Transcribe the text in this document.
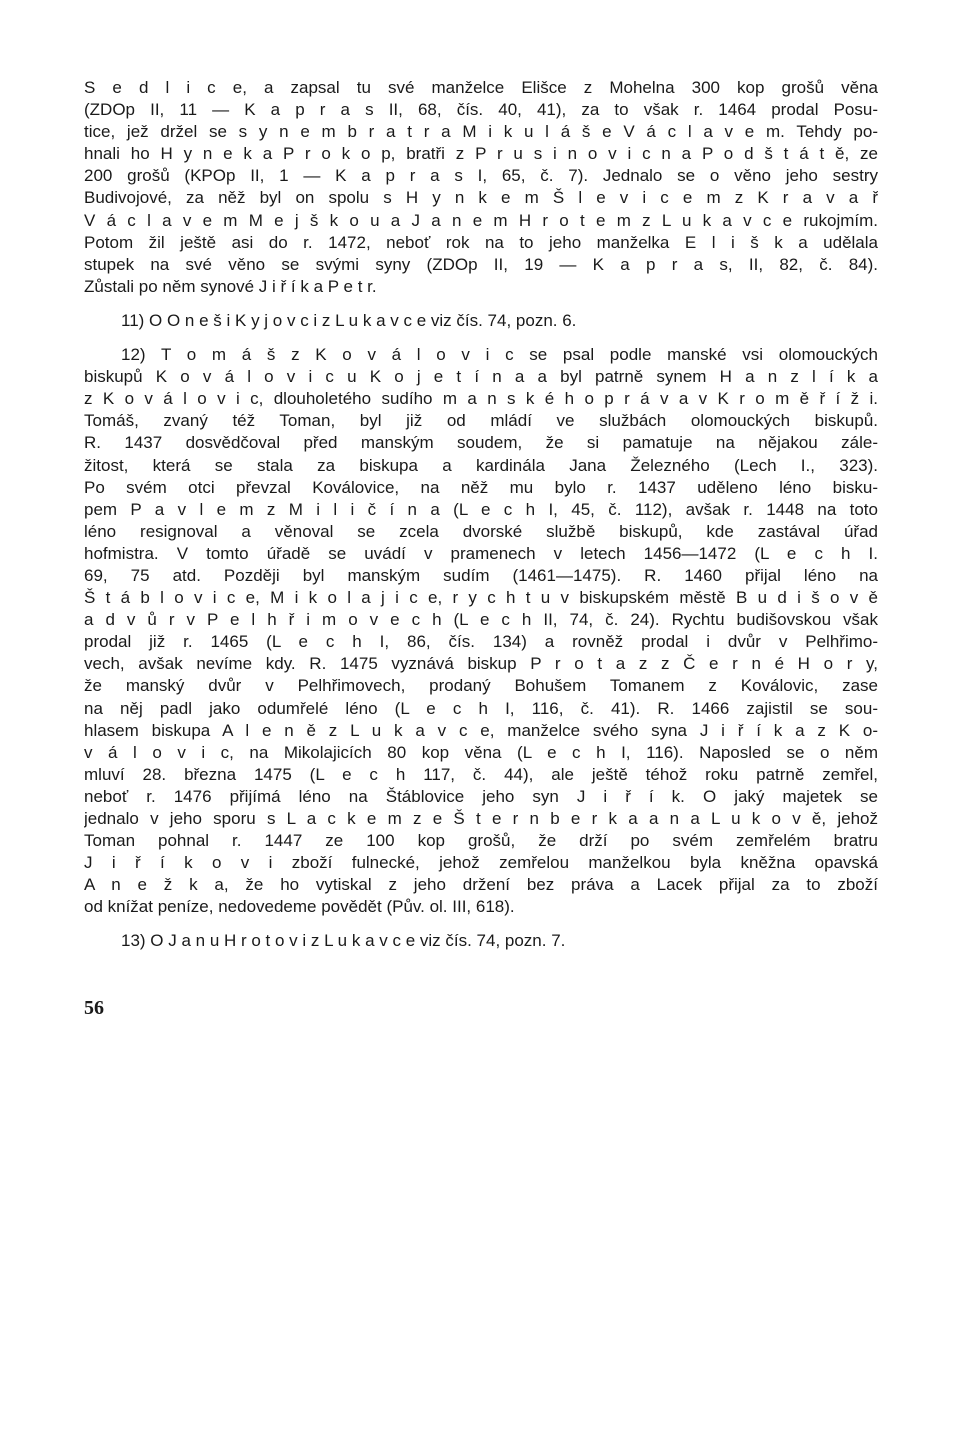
S e d l i c e, a zapsal tu své manželce Elišce z Mohelna 300 kop grošů věna
(ZDOp II, 11 — K a p r a s II, 68, čís. 40, 41), za to však r. 1464 prodal Posu-
tice, jež držel se s y n e m b r a t r a M i k u l á š e V á c l a v e m. Tehdy po-
hnali ho H y n e k a P r o k o p, bratři z P r u s i n o v i c n a P o d š t á t ě, ze
200 grošů (KPOp II, 1 — K a p r a s I, 65, č. 7). Jednalo se o věno jeho sestry
Budivojové, za něž byl on spolu s H y n k e m Š l e v i c e m z K r a v a ř
V á c l a v e m M e j š k o u a J a n e m H r o t e m z L u k a v c e rukojmím.
Potom žil ještě asi do r. 1472, neboť rok na to jeho manželka E l i š k a udělala
stupek na své věno se svými syny (ZDOp II, 19 — K a p r a s, II, 82, č. 84).
Zůstali po něm synové J i ř í k a P e t r.
11) O O n e š i K y j o v c i z L u k a v c e viz čís. 74, pozn. 6.
12) T o m á š z K o v á l o v i c se psal podle manské vsi olomouckých
biskupů K o v á l o v i c u K o j e t í n a a byl patrně synem H a n z l í k a
z K o v á l o v i c, dlouholetého sudího m a n s k é h o p r á v a v K r o m ě ř í ž i.
Tomáš, zvaný též Toman, byl již od mládí ve službách olomouckých biskupů.
R. 1437 dosvědčoval před manským soudem, že si pamatuje na nějakou zále-
žitost, která se stala za biskupa a kardinála Jana Železného (Lech I., 323).
Po svém otci převzal Koválovice, na něž mu bylo r. 1437 uděleno léno bisku-
pem P a v l e m z M i l i č í n a (L e c h I, 45, č. 112), avšak r. 1448 na toto
léno resignoval a věnoval se zcela dvorské službě biskupů, kde zastával úřad
hofmistra. V tomto úřadě se uvádí v pramenech v letech 1456—1472 (L e c h I.
69, 75 atd. Později byl manským sudím (1461—1475). R. 1460 přijal léno na
Š t á b l o v i c e, M i k o l a j i c e, r y c h t u v biskupském městě B u d i š o v ě
a d v ů r v P e l h ř i m o v e c h (L e c h II, 74, č. 24). Rychtu budišovskou však
prodal již r. 1465 (L e c h I, 86, čís. 134) a rovněž prodal i dvůr v Pelhřimo-
vech, avšak nevíme kdy. R. 1475 vyznává biskup P r o t a z z Č e r n é H o r y,
že manský dvůr v Pelhřimovech, prodaný Bohušem Tomanem z Koválovic, zase
na něj padl jako odumřelé léno (L e c h I, 116, č. 41). R. 1466 zajistil se sou-
hlasem biskupa A l e n ě z L u k a v c e, manželce svého syna J i ř í k a z K o-
v á l o v i c, na Mikolajicích 80 kop věna (L e c h I, 116). Naposled se o něm
mluví 28. března 1475 (L e c h 117, č. 44), ale ještě téhož roku patrně zemřel,
neboť r. 1476 přijímá léno na Štáblovice jeho syn J i ř í k. O jaký majetek se
jednalo v jeho sporu s L a c k e m z e Š t e r n b e r k a a n a L u k o v ě, jehož
Toman pohnal r. 1447 ze 100 kop grošů, že drží po svém zemřelém bratru
J i ř í k o v i zboží fulnecké, jehož zemřelou manželkou byla kněžna opavská
A n e ž k a, že ho vytiskal z jeho držení bez práva a Lacek přijal za to zboží
od knížat peníze, nedovedeme povědět (Pův. ol. III, 618).
13) O J a n u H r o t o v i z L u k a v c e viz čís. 74, pozn. 7.
56
